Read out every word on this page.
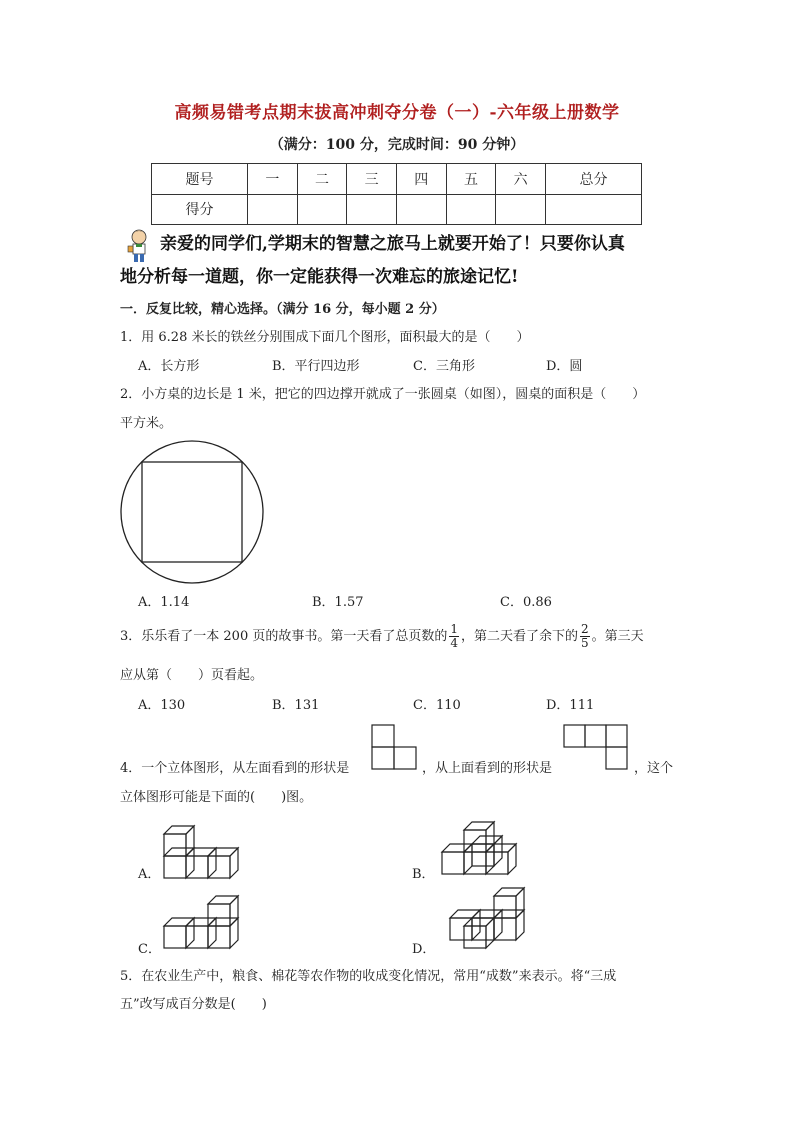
高频易错考点期末拔高冲刺夺分卷（一）-六年级上册数学
（满分：100 分，完成时间：90 分钟）
题号	一	二	三	四	五	六	总分
得分							
亲爱的同学们,学期末的智慧之旅马上就要开始了！只要你认真
地分析每一道题，你一定能获得一次难忘的旅途记忆!
一．反复比较，精心选择。（满分 16 分，每小题 2 分）
1．用 6.28 米长的铁丝分别围成下面几个图形，面积最大的是（　　）
A．长方形	B．平行四边形	C．三角形	D．圆
2．小方桌的边长是 1 米，把它的四边撑开就成了一张圆桌（如图），圆桌的面积是（　　）
平方米。
A．1.14	B．1.57	C．0.86
3．乐乐看了一本 200 页的故事书。第一天看了总页数的 $\frac{1}{4}$ ，第二天看了余下的 $\frac{2}{5}$ 。第三天
应从第（　　）页看起。
A．130	B．131	C．110	D．111
4．一个立体图形，从左面看到的形状是	，从上面看到的形状是	，这个
立体图形可能是下面的(　　)图。
A．	B．
C．	D．
5．在农业生产中，粮食、棉花等农作物的收成变化情况，常用“成数”来表示。将“三成
五”改写成百分数是(　　)
